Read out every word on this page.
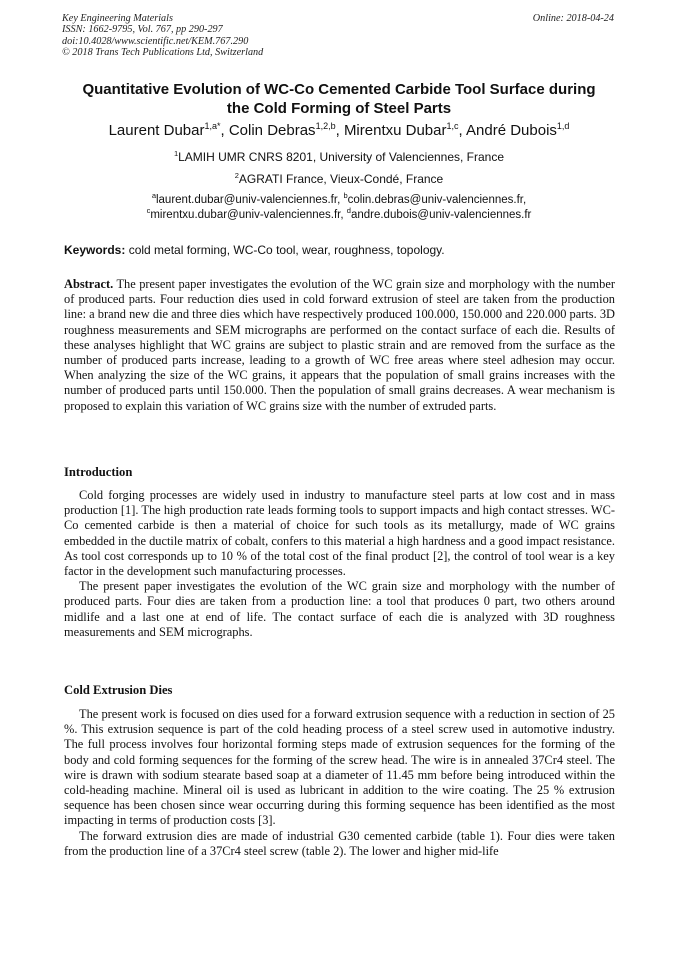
Key Engineering Materials
ISSN: 1662-9795, Vol. 767, pp 290-297
doi:10.4028/www.scientific.net/KEM.767.290
© 2018 Trans Tech Publications Ltd, Switzerland
Online: 2018-04-24
Quantitative Evolution of WC-Co Cemented Carbide Tool Surface during
the Cold Forming of Steel Parts
Laurent Dubar$^{1,a*}$, Colin Debras$^{1,2,b}$, Mirentxu Dubar$^{1,c}$, André Dubois$^{1,d}$
$^1$LAMIH UMR CNRS 8201, University of Valenciennes, France
$^2$AGRATI France, Vieux-Condé, France
$^a$laurent.dubar@univ-valenciennes.fr, $^b$colin.debras@univ-valenciennes.fr,
$^c$mirentxu.dubar@univ-valenciennes.fr, $^d$andre.dubois@univ-valenciennes.fr
Keywords: cold metal forming, WC-Co tool, wear, roughness, topology.
Abstract. The present paper investigates the evolution of the WC grain size and morphology with the number of produced parts. Four reduction dies used in cold forward extrusion of steel are taken from the production line: a brand new die and three dies which have respectively produced 100.000, 150.000 and 220.000 parts. 3D roughness measurements and SEM micrographs are performed on the contact surface of each die. Results of these analyses highlight that WC grains are subject to plastic strain and are removed from the surface as the number of produced parts increase, leading to a growth of WC free areas where steel adhesion may occur. When analyzing the size of the WC grains, it appears that the population of small grains increases with the number of produced parts until 150.000. Then the population of small grains decreases. A wear mechanism is proposed to explain this variation of WC grains size with the number of extruded parts.
Introduction

Cold forging processes are widely used in industry to manufacture steel parts at low cost and in mass production [1]. The high production rate leads forming tools to support impacts and high contact stresses. WC-Co cemented carbide is then a material of choice for such tools as its metallurgy, made of WC grains embedded in the ductile matrix of cobalt, confers to this material a high hardness and a good impact resistance. As tool cost corresponds up to 10 % of the total cost of the final product [2], the control of tool wear is a key factor in the development such manufacturing processes.

The present paper investigates the evolution of the WC grain size and morphology with the number of produced parts. Four dies are taken from a production line: a tool that produces 0 part, two others around midlife and a last one at end of life. The contact surface of each die is analyzed with 3D roughness measurements and SEM micrographs.

Cold Extrusion Dies

The present work is focused on dies used for a forward extrusion sequence with a reduction in section of 25 %. This extrusion sequence is part of the cold heading process of a steel screw used in automotive industry. The full process involves four horizontal forming steps made of extrusion sequences for the forming of the body and cold forming sequences for the forming of the screw head. The wire is in annealed 37Cr4 steel. The wire is drawn with sodium stearate based soap at a diameter of 11.45 mm before being introduced within the cold-heading machine. Mineral oil is used as lubricant in addition to the wire coating. The 25 % extrusion sequence has been chosen since wear occurring during this forming sequence has been identified as the most impacting in terms of production costs [3].

The forward extrusion dies are made of industrial G30 cemented carbide (table 1). Four dies were taken from the production line of a 37Cr4 steel screw (table 2). The lower and higher mid-life
